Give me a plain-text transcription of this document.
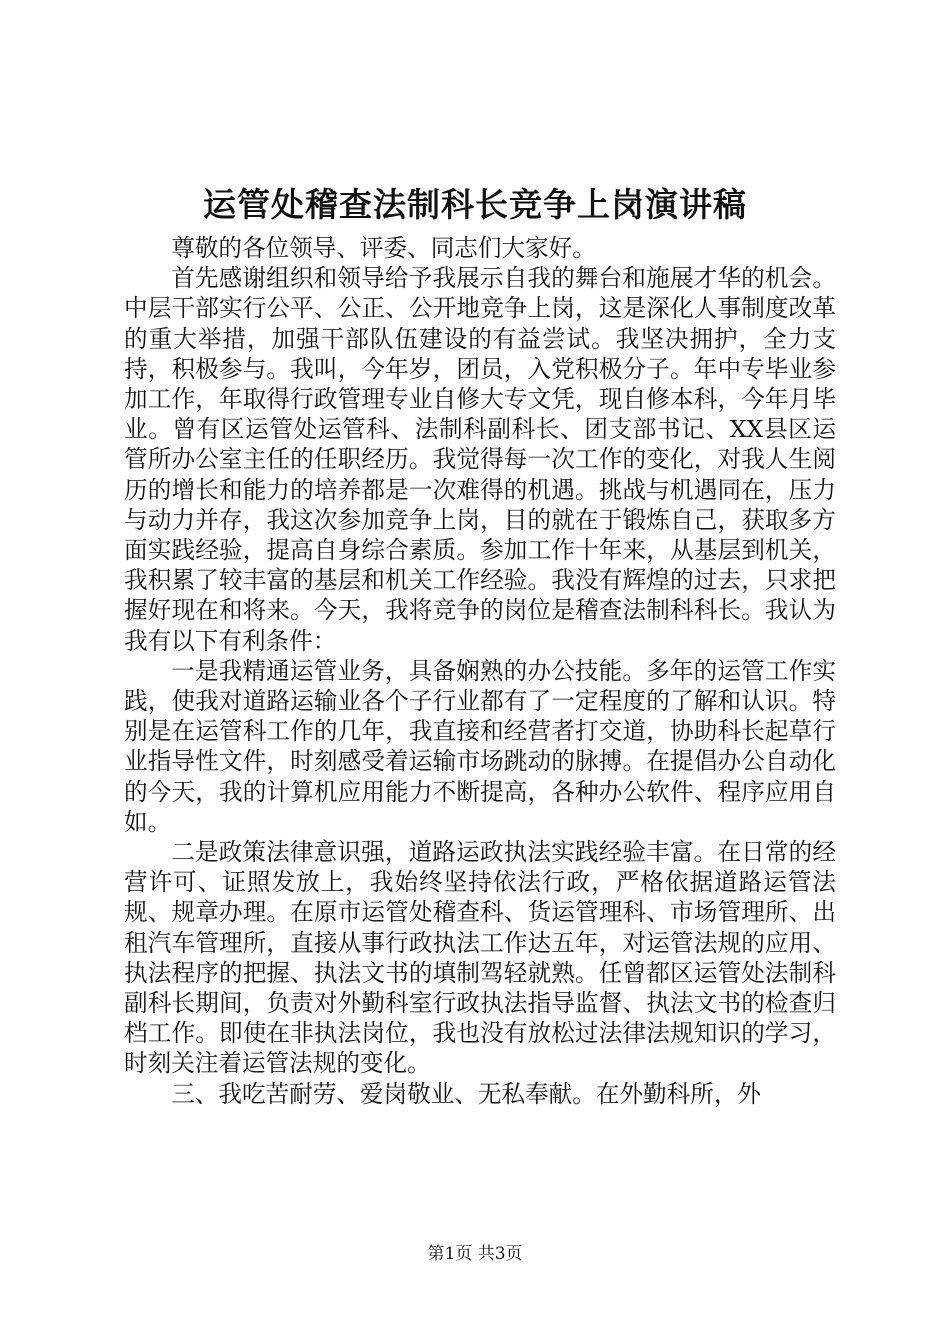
运管处稽查法制科长竞争上岗演讲稿

尊敬的各位领导、评委、同志们大家好。

首先感谢组织和领导给予我展示自我的舞台和施展才华的机会。中层干部实行公平、公正、公开地竞争上岗，这是深化人事制度改革的重大举措，加强干部队伍建设的有益尝试。我坚决拥护，全力支持，积极参与。我叫，今年岁，团员，入党积极分子。年中专毕业参加工作，年取得行政管理专业自修大专文凭，现自修本科，今年月毕业。曾有区运管处运管科、法制科副科长、团支部书记、XX县区运管所办公室主任的任职经历。我觉得每一次工作的变化，对我人生阅历的增长和能力的培养都是一次难得的机遇。挑战与机遇同在，压力与动力并存，我这次参加竞争上岗，目的就在于锻炼自己，获取多方面实践经验，提高自身综合素质。参加工作十年来，从基层到机关，我积累了较丰富的基层和机关工作经验。我没有辉煌的过去，只求把握好现在和将来。今天，我将竞争的岗位是稽查法制科科长。我认为我有以下有利条件：

一是我精通运管业务，具备娴熟的办公技能。多年的运管工作实践，使我对道路运输业各个子行业都有了一定程度的了解和认识。特别是在运管科工作的几年，我直接和经营者打交道，协助科长起草行业指导性文件，时刻感受着运输市场跳动的脉搏。在提倡办公自动化的今天，我的计算机应用能力不断提高，各种办公软件、程序应用自如。

二是政策法律意识强，道路运政执法实践经验丰富。在日常的经营许可、证照发放上，我始终坚持依法行政，严格依据道路运管法规、规章办理。在原市运管处稽查科、货运管理科、市场管理所、出租汽车管理所，直接从事行政执法工作达五年，对运管法规的应用、执法程序的把握、执法文书的填制驾轻就熟。任曾都区运管处法制科副科长期间，负责对外勤科室行政执法指导监督、执法文书的检查归档工作。即使在非执法岗位，我也没有放松过法律法规知识的学习，时刻关注着运管法规的变化。

三、我吃苦耐劳、爱岗敬业、无私奉献。在外勤科所，外

第1页 共3页
